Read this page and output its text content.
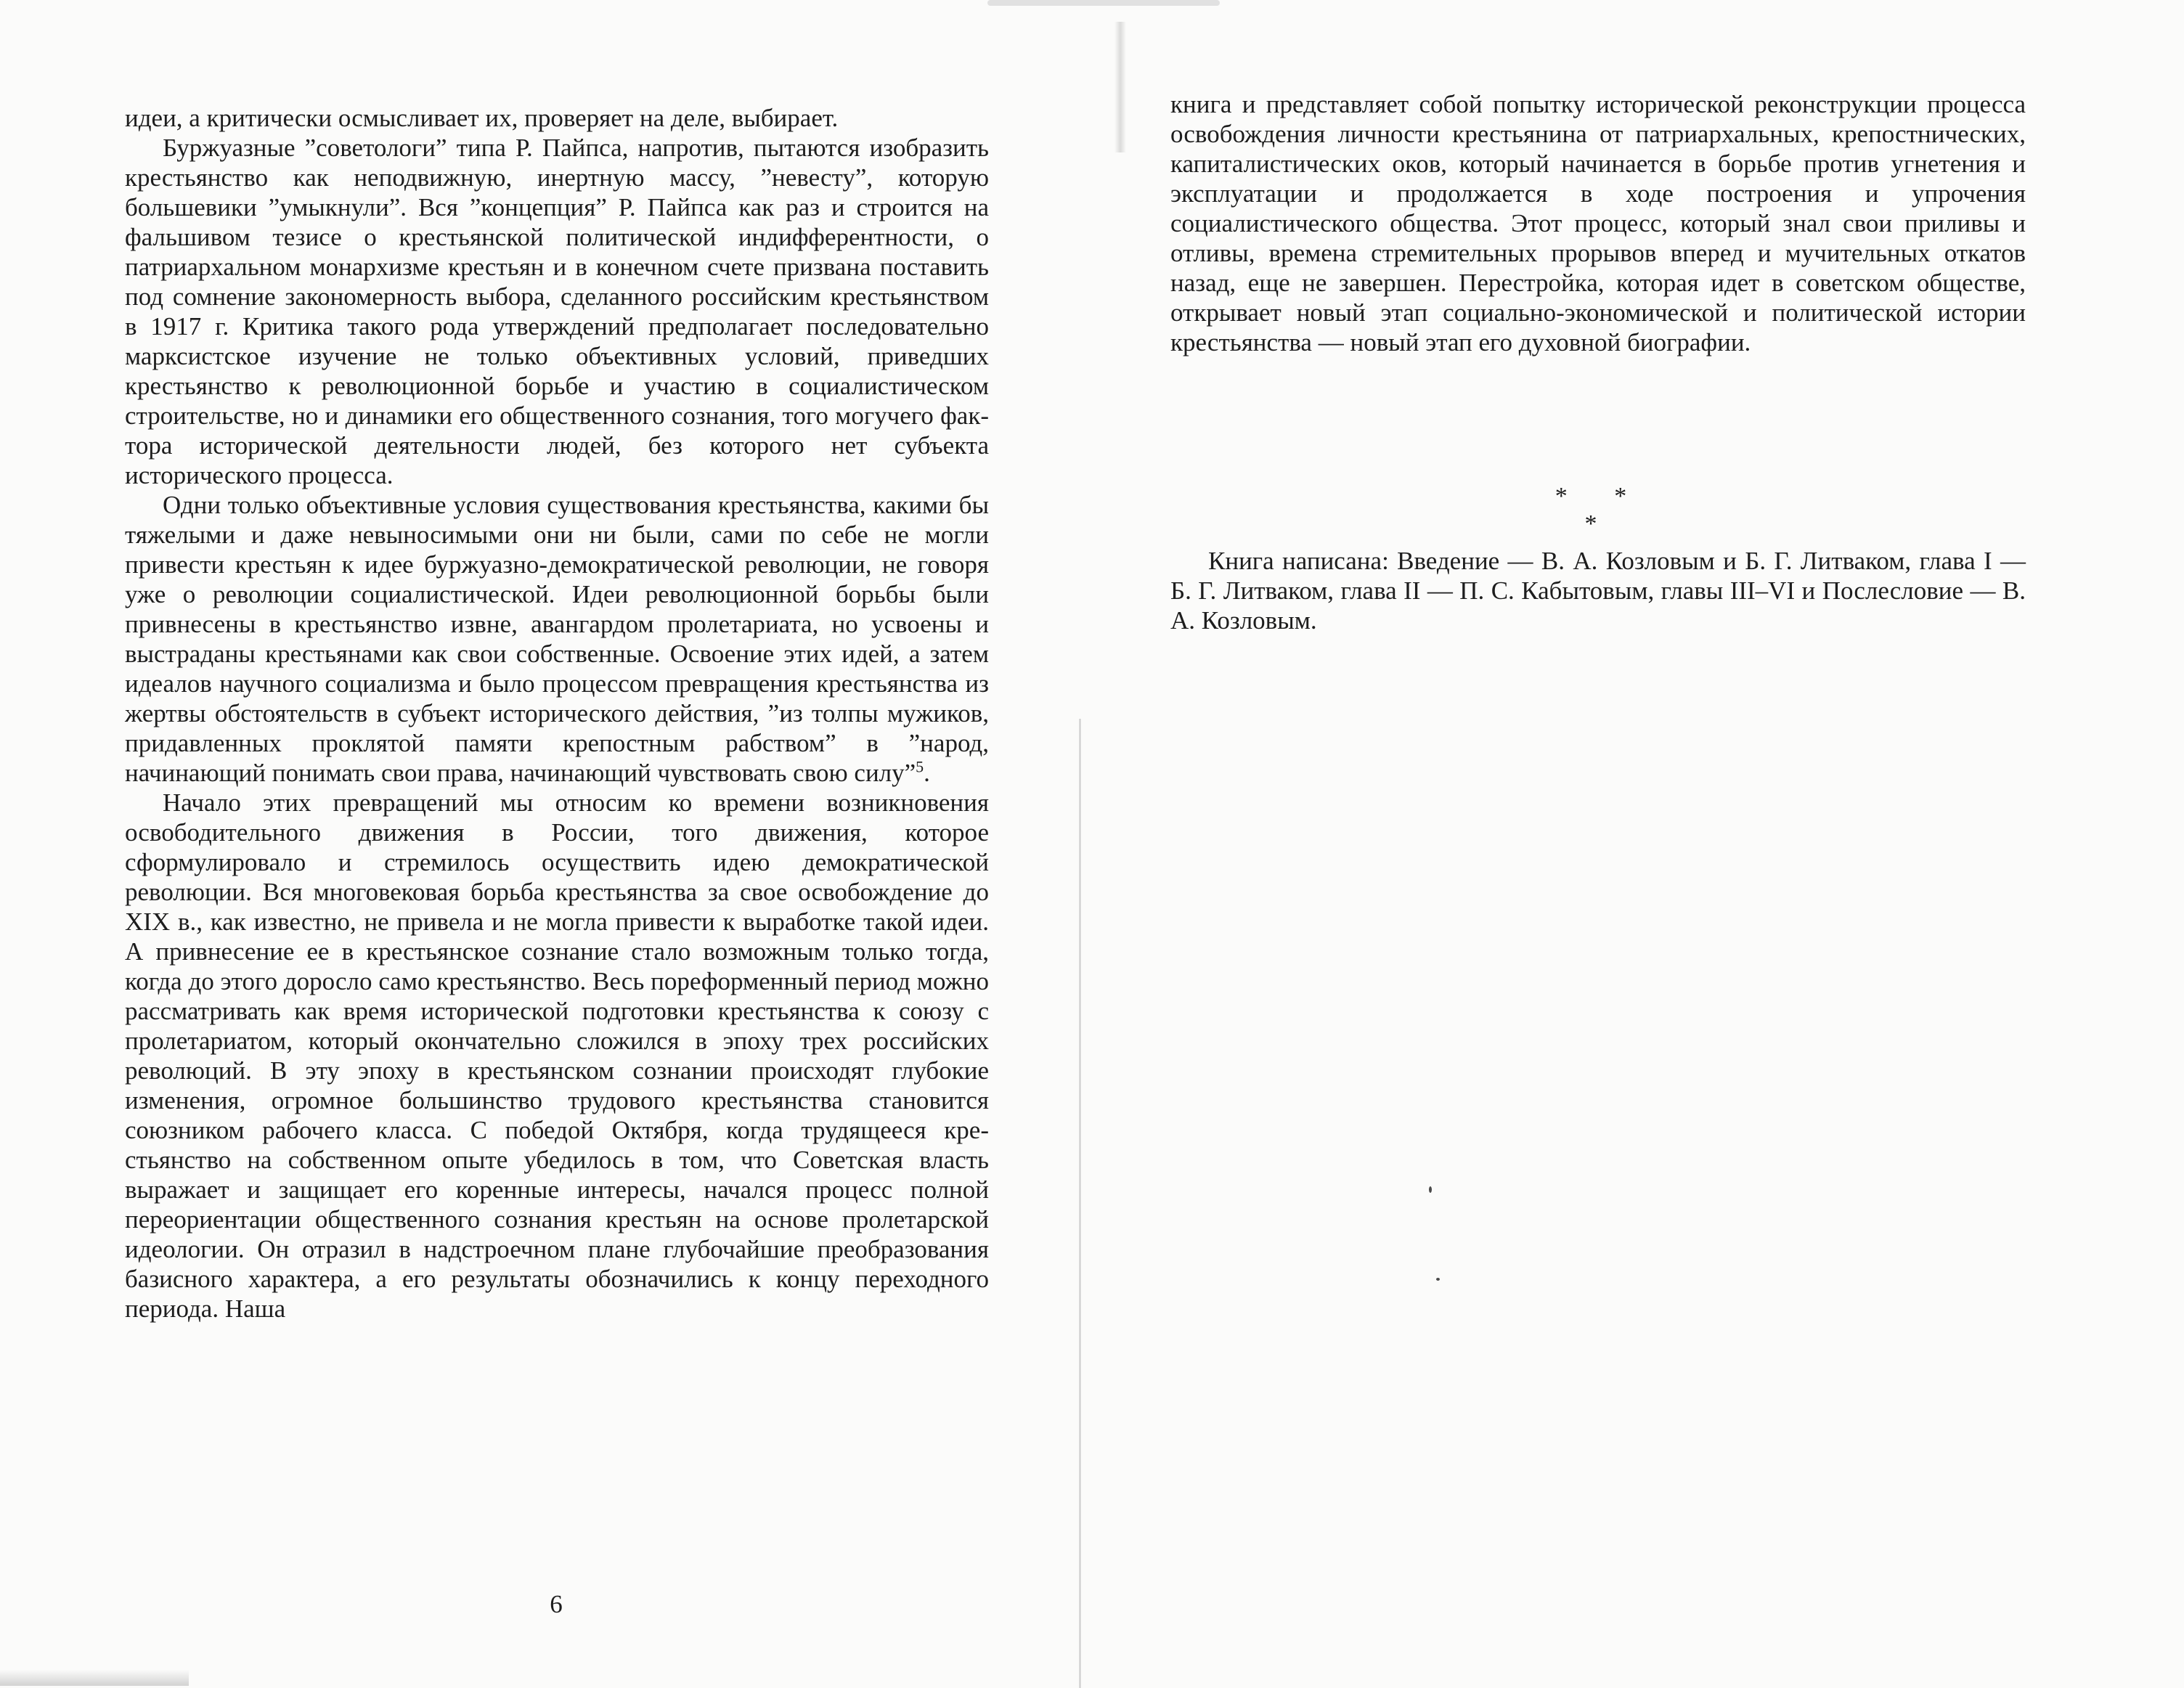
идеи, а критически осмысливает их, проверяет на деле, выбирает.

Буржуазные ”советологи” типа Р. Пайпса, напротив, пытаются изобразить крестьянство как неподвижную, инертную массу, ”невесту”, которую большевики ”умыкнули”. Вся ”концепция” Р. Пайпса как раз и строится на фальшивом тезисе о крестьянской политической индифферентности, о патриархальном монархизме крестьян и в конечном счете призвана поставить под сомнение закономерность выбора, сделанного российским крестьянством в 1917 г. Критика такого рода утверждений предполагает последовательно марксистское изучение не только объективных условий, приведших крестьянство к революционной борьбе и участию в социалистическом строительстве, но и динамики его общественного сознания, того могучего фактора исторической деятельности людей, без которого нет субъекта исторического процесса.

Одни только объективные условия существования крестьянства, какими бы тяжелыми и даже невыносимыми они ни были, сами по себе не могли привести крестьян к идее буржуазно-демократической революции, не говоря уже о революции социалистической. Идеи революционной борьбы были привнесены в крестьянство извне, авангардом пролетариата, но усвоены и выстраданы крестьянами как свои собственные. Освоение этих идей, а затем идеалов научного социализма и было процессом превращения крестьянства из жертвы обстоятельств в субъект исторического действия, ”из толпы мужиков, придавленных проклятой памяти крепостным рабством” в ”народ, начинающий понимать свои права, начинающий чувствовать свою силу”$^5$.

Начало этих превращений мы относим ко времени возникновения освободительного движения в России, того движения, которое сформулировало и стремилось осуществить идею демократической революции. Вся многовековая борьба крестьянства за свое освобождение до XIX в., как известно, не привела и не могла привести к выработке такой идеи. А привнесение ее в крестьянское сознание стало возможным только тогда, когда до этого доросло само крестьянство. Весь пореформенный период можно рассматривать как время исторической подготовки крестьянства к союзу с пролетариатом, который окончательно сложился в эпоху трех российских революций. В эту эпоху в крестьянском сознании происходят глубокие изменения, огромное большинство трудового крестьянства становится союзником рабочего класса. С победой Октября, когда трудящееся крестьянство на собственном опыте убедилось в том, что Советская власть выражает и защищает его коренные интересы, начался процесс полной переориентации общественного сознания крестьян на основе пролетарской идеологии. Он отразил в надстроечном плане глубочайшие преобразования базисного характера, а его результаты обозначились к концу переходного периода. Наша

6

книга и представляет собой попытку исторической реконструкции процесса освобождения личности крестьянина от патриархальных, крепостнических, капиталистических оков, который начинается в борьбе против угнетения и эксплуатации и продолжается в ходе построения и упрочения социалистического общества. Этот процесс, который знал свои приливы и отливы, времена стремительных прорывов вперед и мучительных откатов назад, еще не завершен. Перестройка, которая идет в советском обществе, открывает новый этап социально-экономической и политической истории крестьянства — новый этап его духовной биографии.

* * *

Книга написана: Введение — В. А. Козловым и Б. Г. Литваком, глава I — Б. Г. Литваком, глава II — П. С. Кабытовым, главы III–VI и Послесловие — В. А. Козловым.
